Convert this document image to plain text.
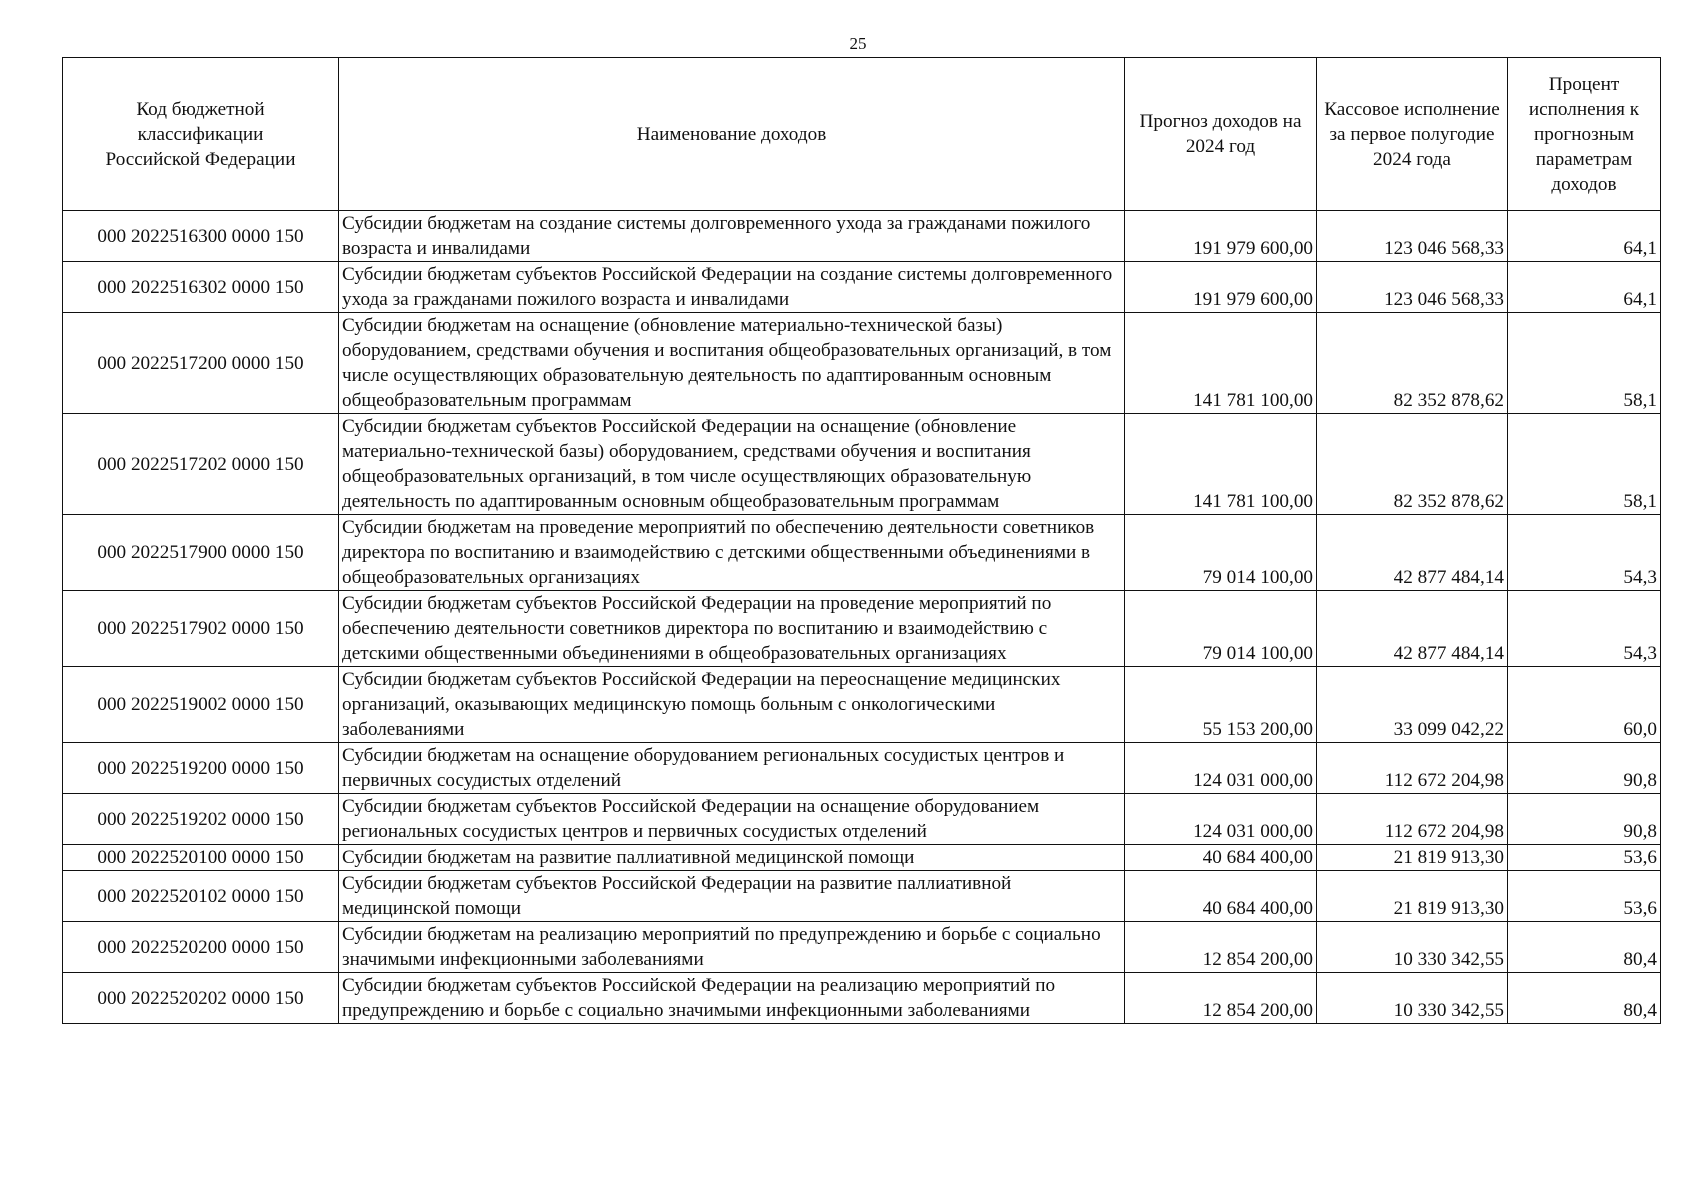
25
Код бюджетной классификации Российской Федерации	Наименование доходов	Прогноз доходов на 2024 год	Кассовое исполнение за первое полугодие 2024 года	Процент исполнения к прогнозным параметрам доходов
000 2022516300 0000 150	Субсидии бюджетам на создание системы долговременного ухода за гражданами пожилого возраста и инвалидами	191 979 600,00	123 046 568,33	64,1
000 2022516302 0000 150	Субсидии бюджетам субъектов Российской Федерации на создание системы долговременного ухода за гражданами пожилого возраста и инвалидами	191 979 600,00	123 046 568,33	64,1
000 2022517200 0000 150	Субсидии бюджетам на оснащение (обновление материально-технической базы) оборудованием, средствами обучения и воспитания общеобразовательных организаций, в том числе осуществляющих образовательную деятельность по адаптированным основным общеобразовательным программам	141 781 100,00	82 352 878,62	58,1
000 2022517202 0000 150	Субсидии бюджетам субъектов Российской Федерации на оснащение (обновление материально-технической базы) оборудованием, средствами обучения и воспитания общеобразовательных организаций, в том числе осуществляющих образовательную деятельность по адаптированным основным общеобразовательным программам	141 781 100,00	82 352 878,62	58,1
000 2022517900 0000 150	Субсидии бюджетам на проведение мероприятий по обеспечению деятельности советников директора по воспитанию и взаимодействию с детскими общественными объединениями в общеобразовательных организациях	79 014 100,00	42 877 484,14	54,3
000 2022517902 0000 150	Субсидии бюджетам субъектов Российской Федерации на проведение мероприятий по обеспечению деятельности советников директора по воспитанию и взаимодействию с детскими общественными объединениями в общеобразовательных организациях	79 014 100,00	42 877 484,14	54,3
000 2022519002 0000 150	Субсидии бюджетам субъектов Российской Федерации на переоснащение медицинских организаций, оказывающих медицинскую помощь больным с онкологическими заболеваниями	55 153 200,00	33 099 042,22	60,0
000 2022519200 0000 150	Субсидии бюджетам на оснащение оборудованием региональных сосудистых центров и первичных сосудистых отделений	124 031 000,00	112 672 204,98	90,8
000 2022519202 0000 150	Субсидии бюджетам субъектов Российской Федерации на оснащение оборудованием региональных сосудистых центров и первичных сосудистых отделений	124 031 000,00	112 672 204,98	90,8
000 2022520100 0000 150	Субсидии бюджетам на развитие паллиативной медицинской помощи	40 684 400,00	21 819 913,30	53,6
000 2022520102 0000 150	Субсидии бюджетам субъектов Российской Федерации на развитие паллиативной медицинской помощи	40 684 400,00	21 819 913,30	53,6
000 2022520200 0000 150	Субсидии бюджетам на реализацию мероприятий по предупреждению и борьбе с социально значимыми инфекционными заболеваниями	12 854 200,00	10 330 342,55	80,4
000 2022520202 0000 150	Субсидии бюджетам субъектов Российской Федерации на реализацию мероприятий по предупреждению и борьбе с социально значимыми инфекционными заболеваниями	12 854 200,00	10 330 342,55	80,4
